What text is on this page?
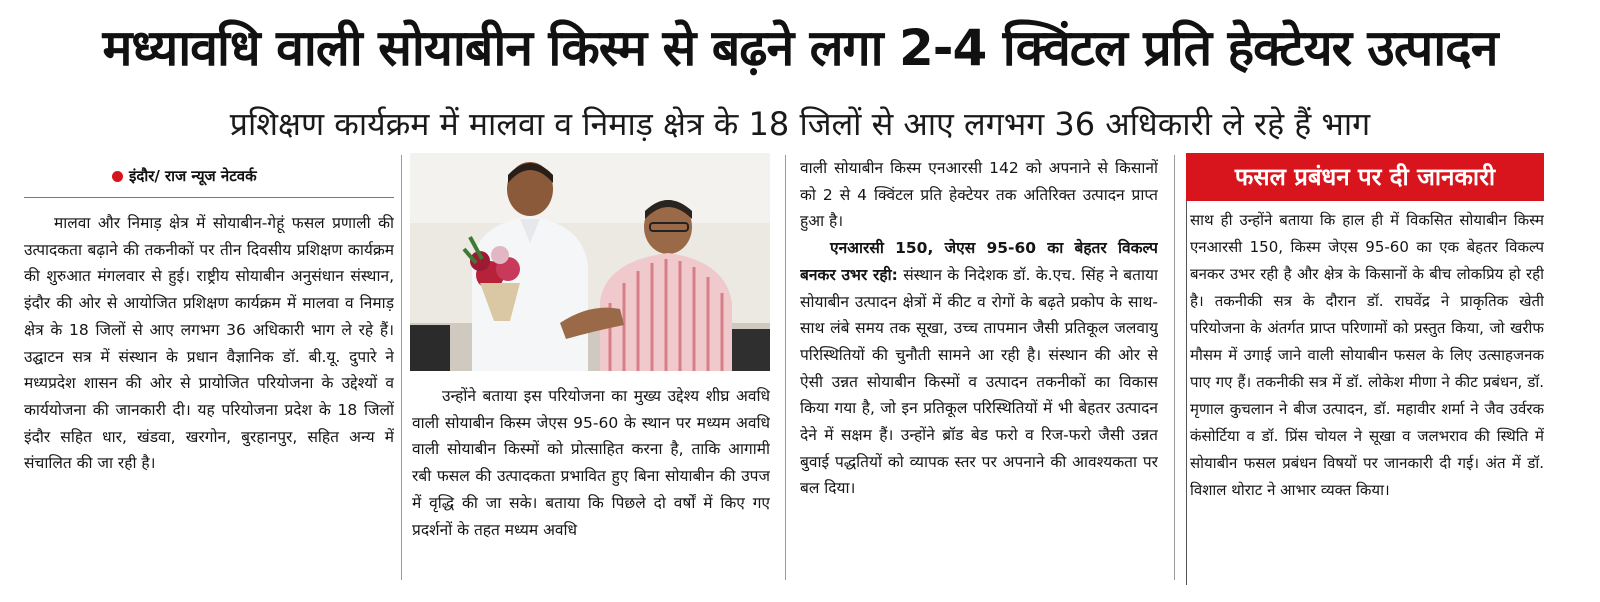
मध्यावधि वाली सोयाबीन किस्म से बढ़ने लगा 2-4 क्विंटल प्रति हेक्टेयर उत्पादन
प्रशिक्षण कार्यक्रम में मालवा व निमाड़ क्षेत्र के 18 जिलों से आए लगभग 36 अधिकारी ले रहे हैं भाग
इंदौर/ राज न्यूज नेटवर्क

मालवा और निमाड़ क्षेत्र में सोयाबीन-गेहूं फसल प्रणाली की उत्पादकता बढ़ाने की तकनीकों पर तीन दिवसीय प्रशिक्षण कार्यक्रम की शुरुआत मंगलवार से हुई। राष्ट्रीय सोयाबीन अनुसंधान संस्थान, इंदौर की ओर से आयोजित प्रशिक्षण कार्यक्रम में मालवा व निमाड़ क्षेत्र के 18 जिलों से आए लगभग 36 अधिकारी भाग ले रहे हैं। उद्घाटन सत्र में संस्थान के प्रधान वैज्ञानिक डॉ. बी.यू. दुपारे ने मध्यप्रदेश शासन की ओर से प्रायोजित परियोजना के उद्देश्यों व कार्ययोजना की जानकारी दी। यह परियोजना प्रदेश के 18 जिलों इंदौर सहित धार, खंडवा, खरगोन, बुरहानपुर, सहित अन्य में संचालित की जा रही है।

उन्होंने बताया इस परियोजना का मुख्य उद्देश्य शीघ्र अवधि वाली सोयाबीन किस्म जेएस 95-60 के स्थान पर मध्यम अवधि वाली सोयाबीन किस्मों को प्रोत्साहित करना है, ताकि आगामी रबी फसल की उत्पादकता प्रभावित हुए बिना सोयाबीन की उपज में वृद्धि की जा सके। बताया कि पिछले दो वर्षों में किए गए प्रदर्शनों के तहत मध्यम अवधि

वाली सोयाबीन किस्म एनआरसी 142 को अपनाने से किसानों को 2 से 4 क्विंटल प्रति हेक्टेयर तक अतिरिक्त उत्पादन प्राप्त हुआ है।

एनआरसी 150, जेएस 95-60 का बेहतर विकल्प बनकर उभर रही: संस्थान के निदेशक डॉ. के.एच. सिंह ने बताया सोयाबीन उत्पादन क्षेत्रों में कीट व रोगों के बढ़ते प्रकोप के साथ-साथ लंबे समय तक सूखा, उच्च तापमान जैसी प्रतिकूल जलवायु परिस्थितियों की चुनौती सामने आ रही है। संस्थान की ओर से ऐसी उन्नत सोयाबीन किस्मों व उत्पादन तकनीकों का विकास किया गया है, जो इन प्रतिकूल परिस्थितियों में भी बेहतर उत्पादन देने में सक्षम हैं। उन्होंने ब्रॉड बेड फरो व रिज-फरो जैसी उन्नत बुवाई पद्धतियों को व्यापक स्तर पर अपनाने की आवश्यकता पर बल दिया।

फसल प्रबंधन पर दी जानकारी

साथ ही उन्होंने बताया कि हाल ही में विकसित सोयाबीन किस्म एनआरसी 150, किस्म जेएस 95-60 का एक बेहतर विकल्प बनकर उभर रही है और क्षेत्र के किसानों के बीच लोकप्रिय हो रही है। तकनीकी सत्र के दौरान डॉ. राघवेंद्र ने प्राकृतिक खेती परियोजना के अंतर्गत प्राप्त परिणामों को प्रस्तुत किया, जो खरीफ मौसम में उगाई जाने वाली सोयाबीन फसल के लिए उत्साहजनक पाए गए हैं। तकनीकी सत्र में डॉ. लोकेश मीणा ने कीट प्रबंधन, डॉ. मृणाल कुचलान ने बीज उत्पादन, डॉ. महावीर शर्मा ने जैव उर्वरक कंसोर्टिया व डॉ. प्रिंस चोयल ने सूखा व जलभराव की स्थिति में सोयाबीन फसल प्रबंधन विषयों पर जानकारी दी गई। अंत में डॉ. विशाल थोराट ने आभार व्यक्त किया।
